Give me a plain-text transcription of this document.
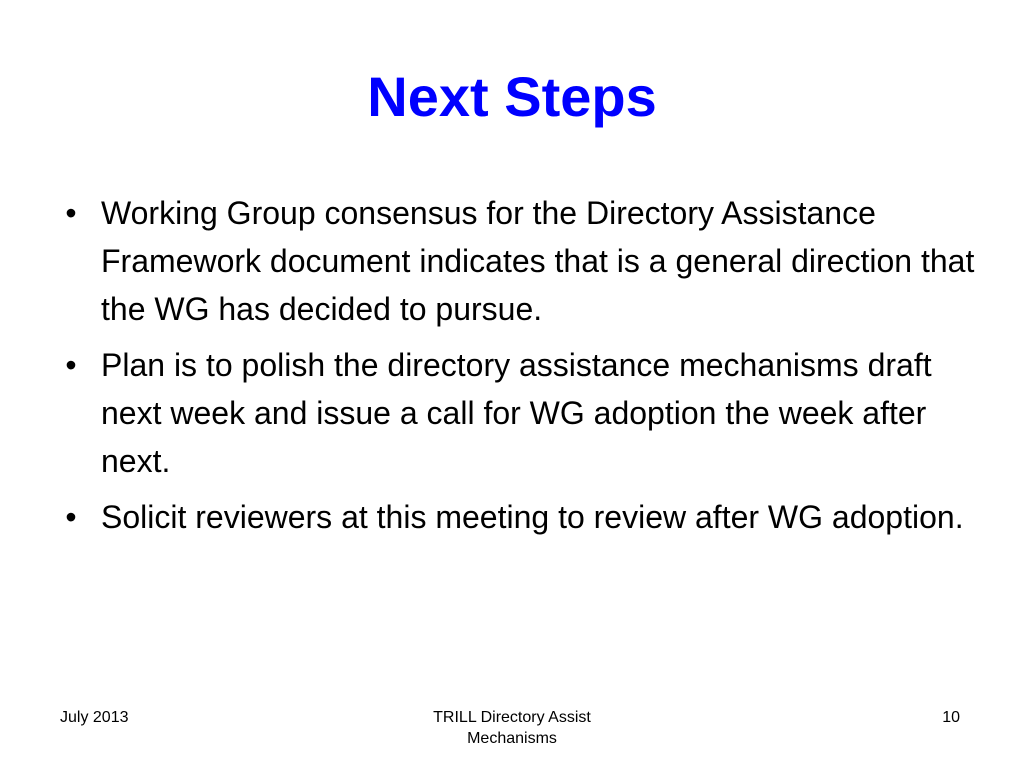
Next Steps
• Working Group consensus for the Directory Assistance Framework document indicates that is a general direction that the WG has decided to pursue.
• Plan is to polish the directory assistance mechanisms draft next week and issue a call for WG adoption the week after next.
• Solicit reviewers at this meeting to review after WG adoption.
July 2013	TRILL Directory Assist
Mechanisms
10
